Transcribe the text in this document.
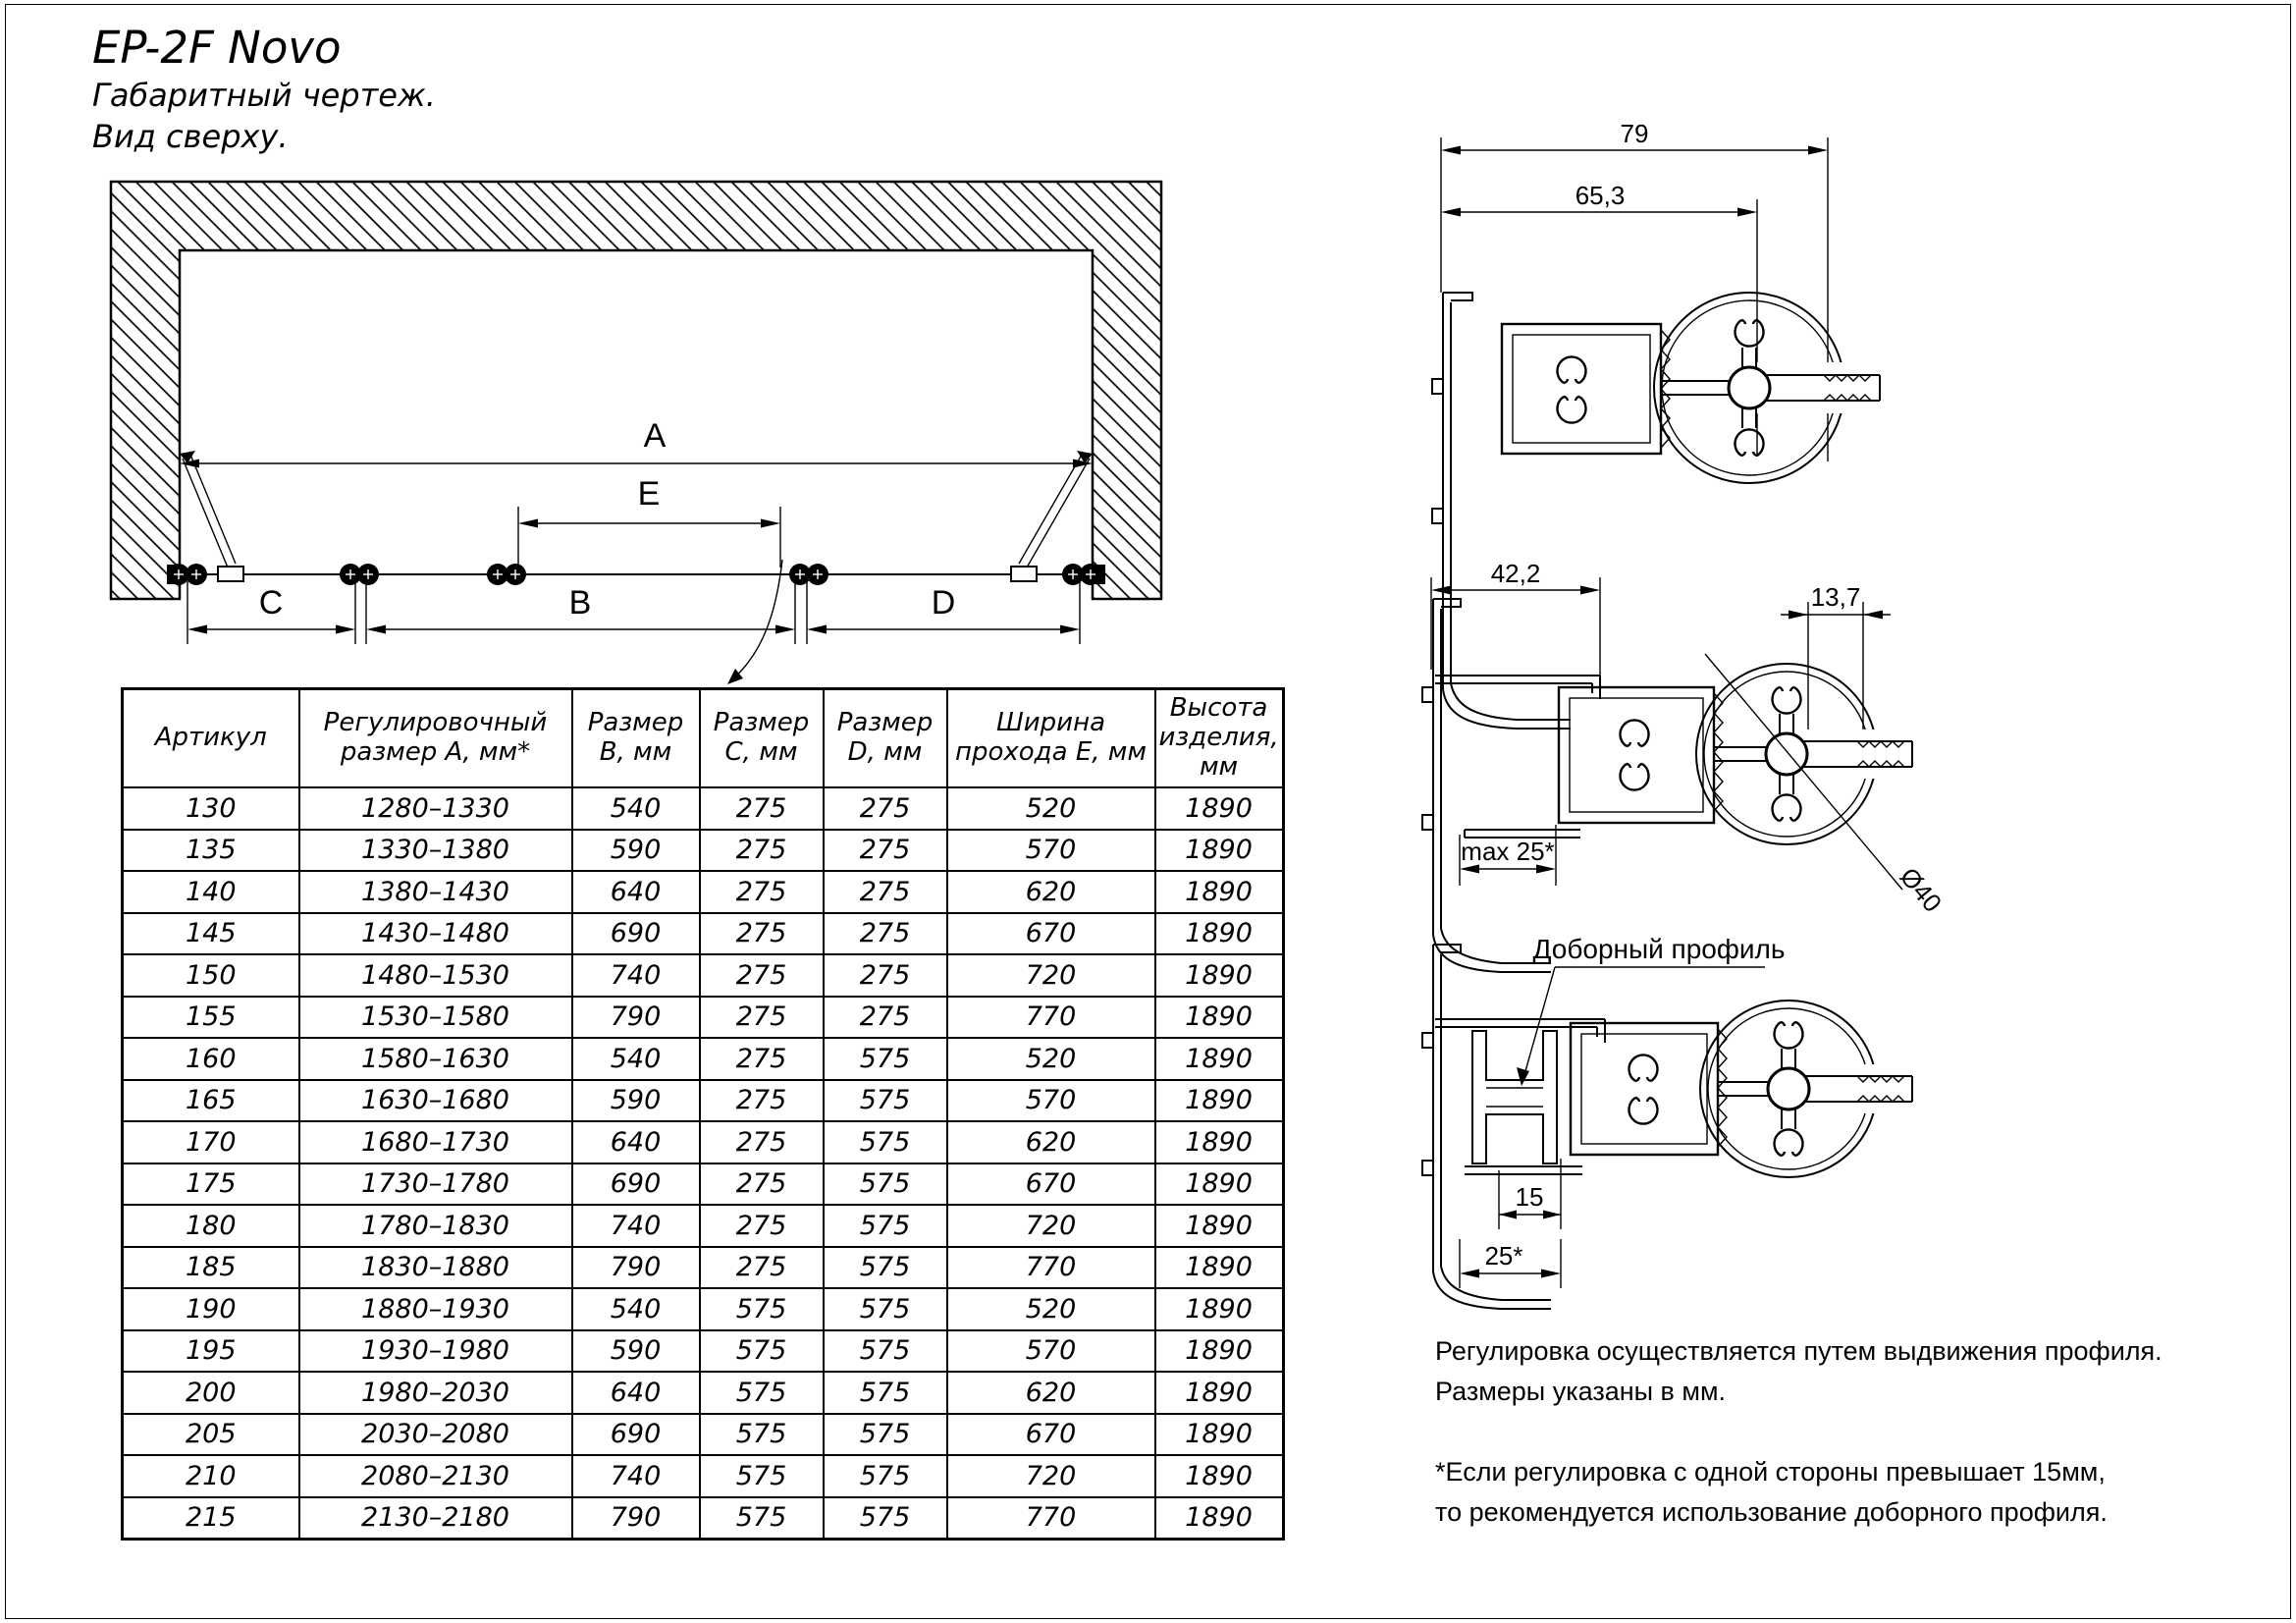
EP-2F Novo
Габаритный чертеж.
Вид сверху.
A
E
C	B	D
79
65,3
42,2
13,7
max 25*
Ø40
Доборный профиль
15
25*
Артикул	Регулировочный размер А, мм*	Размер В, мм	Размер С, мм	Размер D, мм	Ширина прохода Е, мм	Высота изделия, мм
130	1280–1330	540	275	275	520	1890
135	1330–1380	590	275	275	570	1890
140	1380–1430	640	275	275	620	1890
145	1430–1480	690	275	275	670	1890
150	1480–1530	740	275	275	720	1890
155	1530–1580	790	275	275	770	1890
160	1580–1630	540	275	575	520	1890
165	1630–1680	590	275	575	570	1890
170	1680–1730	640	275	575	620	1890
175	1730–1780	690	275	575	670	1890
180	1780–1830	740	275	575	720	1890
185	1830–1880	790	275	575	770	1890
190	1880–1930	540	575	575	520	1890
195	1930–1980	590	575	575	570	1890
200	1980–2030	640	575	575	620	1890
205	2030–2080	690	575	575	670	1890
210	2080–2130	740	575	575	720	1890
215	2130–2180	790	575	575	770	1890
Регулировка осуществляется путем выдвижения профиля.
Размеры указаны в мм.
*Если регулировка с одной стороны превышает 15мм,
то рекомендуется использование доборного профиля.
